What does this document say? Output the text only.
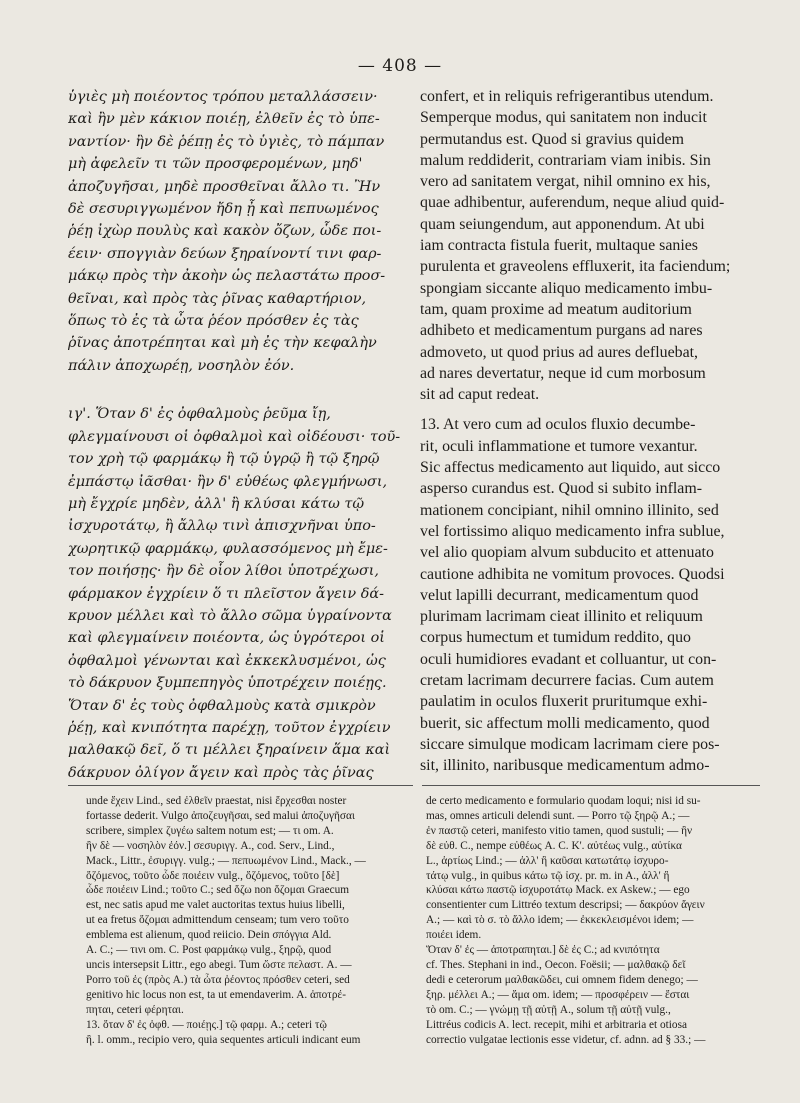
— 408 —
ὑγιὲς μὴ ποιέοντος τρόπου μεταλλάσσειν·
καὶ ἢν μὲν κάκιον ποιέῃ, ἐλθεῖν ἐς τὸ ὑπε-
ναντίον· ἢν δὲ ῥέπῃ ἐς τὸ ὑγιὲς, τὸ πάμπαν
μὴ ἀφελεῖν τι τῶν προσφερομένων, μηδ'
ἀποζυγῆσαι, μηδὲ προσθεῖναι ἄλλο τι. Ἢν
δὲ σεσυριγγωμένον ἤδη ᾖ καὶ πεπυωμένος
ῥέῃ ἰχὼρ πουλὺς καὶ κακὸν ὄζων, ὧδε ποι-
έειν· σπογγιὰν δεύων ξηραίνοντί τινι φαρ-
μάκῳ πρὸς τὴν ἀκοὴν ὡς πελαστάτω προσ-
θεῖναι, καὶ πρὸς τὰς ῥῖνας καθαρτήριον,
ὅπως τὸ ἐς τὰ ὦτα ῥέον πρόσθεν ἐς τὰς
ῥῖνας ἀποτρέπηται καὶ μὴ ἐς τὴν κεφαλὴν
πάλιν ἀποχωρέῃ, νοσηλὸν ἐόν.
ιγ'. Ὅταν δ' ἐς ὀφθαλμοὺς ῥεῦμα ἴῃ,
φλεγμαίνουσι οἱ ὀφθαλμοὶ καὶ οἰδέουσι· τοῦ-
τον χρὴ τῷ φαρμάκῳ ἢ τῷ ὑγρῷ ἢ τῷ ξηρῷ
ἐμπάστῳ ἰᾶσθαι· ἢν δ' εὐθέως φλεγμήνωσι,
μὴ ἔγχρίε μηδὲν, ἀλλ' ἢ κλύσαι κάτω τῷ
ἰσχυροτάτῳ, ἢ ἄλλῳ τινὶ ἀπισχνῆναι ὑπο-
χωρητικῷ φαρμάκῳ, φυλασσόμενος μὴ ἔμε-
τον ποιήσῃς· ἢν δὲ οἷον λίθοι ὑποτρέχωσι,
φάρμακον ἐγχρίειν ὅ τι πλεῖστον ἄγειν δά-
κρυον μέλλει καὶ τὸ ἄλλο σῶμα ὑγραίνοντα
καὶ φλεγμαίνειν ποιέοντα, ὡς ὑγρότεροι οἱ
ὀφθαλμοὶ γένωνται καὶ ἐκκεκλυσμένοι, ὡς
τὸ δάκρυον ξυμπεπηγὸς ὑποτρέχειν ποιέῃς.
Ὅταν δ' ἐς τοὺς ὀφθαλμοὺς κατὰ σμικρὸν
ῥέῃ, καὶ κνιπότητα παρέχῃ, τοῦτον ἐγχρίειν
μαλθακῷ δεῖ, ὅ τι μέλλει ξηραίνειν ἅμα καὶ
δάκρυον ὀλίγον ἄγειν καὶ πρὸς τὰς ῥῖνας
confert, et in reliquis refrigerantibus utendum.
Semperque modus, qui sanitatem non inducit
permutandus est. Quod si gravius quidem
malum reddiderit, contrariam viam inibis. Sin
vero ad sanitatem vergat, nihil omnino ex his,
quae adhibentur, auferendum, neque aliud quid-
quam seiungendum, aut apponendum. At ubi
iam contracta fistula fuerit, multaque sanies
purulenta et graveolens effluxerit, ita faciendum;
spongiam siccante aliquo medicamento imbu-
tam, quam proxime ad meatum auditorium
adhibeto et medicamentum purgans ad nares
admoveto, ut quod prius ad aures defluebat,
ad nares devertatur, neque id cum morbosum
sit ad caput redeat.
13. At vero cum ad oculos fluxio decumbe-
rit, oculi inflammatione et tumore vexantur.
Sic affectus medicamento aut liquido, aut sicco
asperso curandus est. Quod si subito inflam-
mationem concipiant, nihil omnino illinito, sed
vel fortissimo aliquo medicamento infra sublue,
vel alio quopiam alvum subducito et attenuato
cautione adhibita ne vomitum provoces. Quodsi
velut lapilli decurrant, medicamentum quod
plurimam lacrimam cieat illinito et reliquum
corpus humectum et tumidum reddito, quo
oculi humidiores evadant et colluantur, ut con-
cretam lacrimam decurrere facias. Cum autem
paulatim in oculos fluxerit pruritumque exhi-
buerit, sic affectum molli medicamento, quod
siccare simulque modicam lacrimam ciere pos-
sit, illinito, naribusque medicamentum admo-
unde ἔχειν Lind., sed ἐλθεῖν praestat, nisi ἔρχεσθαι noster
fortasse dederit. Vulgo ἀποζευγῆσαι, sed malui ἀποζυγῆσαι
scribere, simplex ζυγέω saltem notum est; — τι om. A.
ἢν δὲ — νοσηλὸν ἐόν.] σεσυριγγ. A., cod. Serv., Lind.,
Mack., Littr., ἐσυριγγ. vulg.; — πεπυωμένον Lind., Mack., —
ὄζόμενος, τοῦτο ὧδε ποιέειν vulg., ὄζόμενος, τοῦτο [δὲ]
ὧδε ποιέειν Lind.; τοῦτο C.; sed ὄζω non ὄζομαι Graecum
est, nec satis apud me valet auctoritas textus huius libelli,
ut ea fretus ὄζομαι admittendum censeam; tum vero τοῦτο
emblema est alienum, quod reiicio. Dein σπόγγια Ald.
A. C.; — τινι om. C. Post φαρμάκῳ vulg., ξηρῷ, quod
uncis intersepsit Littr., ego abegi. Tum ὥστε πελαστ. A. —
Porro τοῦ ἐς (πρὸς A.) τὰ ὦτα ῥέοντος πρόσθεν ceteri, sed
genitivo hic locus non est, ta ut emendaverim. A. ἀποτρέ-
πηται, ceteri φέρηται.
13. ὅταν δ' ἐς ὀφθ. — ποιέῃς.] τῷ φαρμ. A.; ceteri τῷ
ἢ. l. omm., recipio vero, quia sequentes articuli indicant eum
de certo medicamento e formulario quodam loqui; nisi id su-
mas, omnes articuli delendi sunt. — Porro τῷ ξηρῷ A.; —
ἐν παστῷ ceteri, manifesto vitio tamen, quod sustuli; — ἢν
δὲ εὐθ. C., nempe εὐθέως A. C. K'. αὐτέως vulg., αὐτίκα
L., ἀρτίως Lind.; — ἀλλ' ἢ καῦσαι κατωτάτῳ ἰσχυρο-
τάτῳ vulg., in quibus κάτω τῷ ἰσχ. pr. m. in A., ἀλλ' ἢ
κλύσαι κάτω παστῷ ἰσχυροτάτῳ Mack. ex Askew.; — ego
consentienter cum Littréo textum descripsi; — δακρύον ἄγειν
A.; — καὶ τὸ σ. τὸ ἄλλο idem; — ἐκκεκλεισμένοι idem; —
ποιέει idem.
Ὅταν δ' ἐς — ἀποτραπηται.] δὲ ἐς C.; ad κνιπότητα
cf. Thes. Stephani in ind., Oecon. Foësii; — μαλθακῷ δεῖ
dedi e ceterorum μαλθακῶδει, cui omnem fidem denego; —
ξηρ. μέλλει A.; — ἅμα om. idem; — προσφέρειν — ἔσται
τὸ om. C.; — γνώμῃ τῇ αὐτῇ A., solum τῇ αὐτῇ vulg.,
Littréus codicis A. lect. recepit, mihi et arbitraria et otiosa
correctio vulgatae lectionis esse videtur, cf. adnn. ad § 33.; —
